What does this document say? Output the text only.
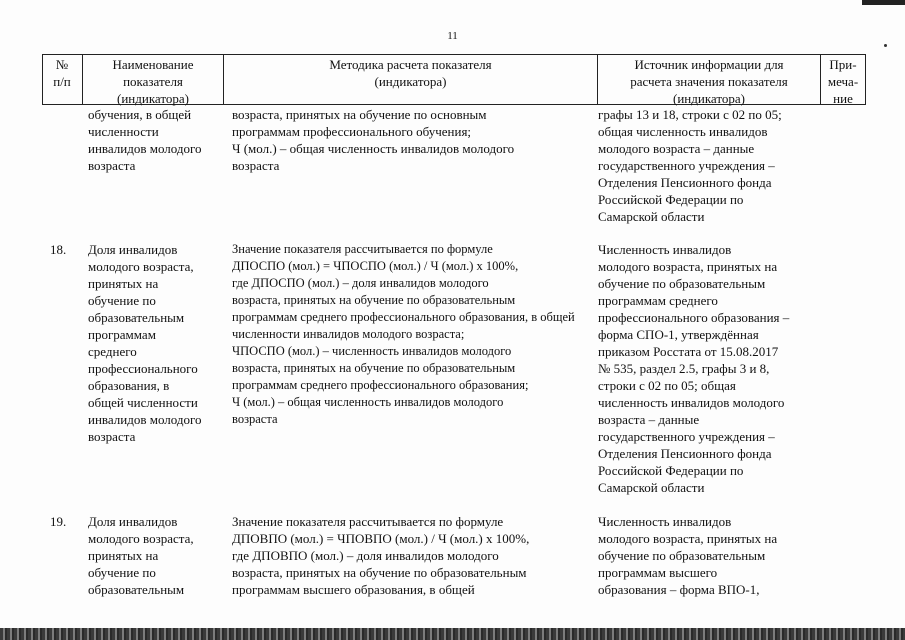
11
№
п/п
Наименование
показателя
(индикатора)
Методика расчета показателя
(индикатора)
Источник информации для
расчета значения показателя
(индикатора)
При-
меча-
ние
обучения, в общей
численности
инвалидов молодого
возраста
возраста, принятых на обучение по основным
программам профессионального обучения;
Ч (мол.) – общая численность инвалидов молодого
возраста
графы 13 и 18, строки с 02 по 05;
общая численность инвалидов
молодого возраста – данные
государственного учреждения –
Отделения Пенсионного фонда
Российской Федерации по
Самарской области
18. Доля инвалидов
молодого возраста,
принятых на
обучение по
образовательным
программам
среднего
профессионального
образования, в
общей численности
инвалидов молодого
возраста
Значение показателя рассчитывается по формуле
ДПОСПО (мол.) = ЧПОСПО (мол.) / Ч (мол.) х 100%,
где ДПОСПО (мол.) – доля инвалидов молодого
возраста, принятых на обучение по образовательным
программам среднего профессионального образования, в общей
численности инвалидов молодого возраста;
ЧПОСПО (мол.) – численность инвалидов молодого
возраста, принятых на обучение по образовательным
программам среднего профессионального образования;
Ч (мол.) – общая численность инвалидов молодого
возраста
Численность инвалидов
молодого возраста, принятых на
обучение по образовательным
программам среднего
профессионального образования –
форма СПО-1, утверждённая
приказом Росстата от 15.08.2017
№ 535, раздел 2.5, графы 3 и 8,
строки с 02 по 05; общая
численность инвалидов молодого
возраста – данные
государственного учреждения –
Отделения Пенсионного фонда
Российской Федерации по
Самарской области
19. Доля инвалидов
молодого возраста,
принятых на
обучение по
образовательным
Значение показателя рассчитывается по формуле
ДПОВПО (мол.) = ЧПОВПО (мол.) / Ч (мол.) х 100%,
где ДПОВПО (мол.) – доля инвалидов молодого
возраста, принятых на обучение по образовательным
программам высшего образования, в общей
Численность инвалидов
молодого возраста, принятых на
обучение по образовательным
программам высшего
образования – форма ВПО-1,
